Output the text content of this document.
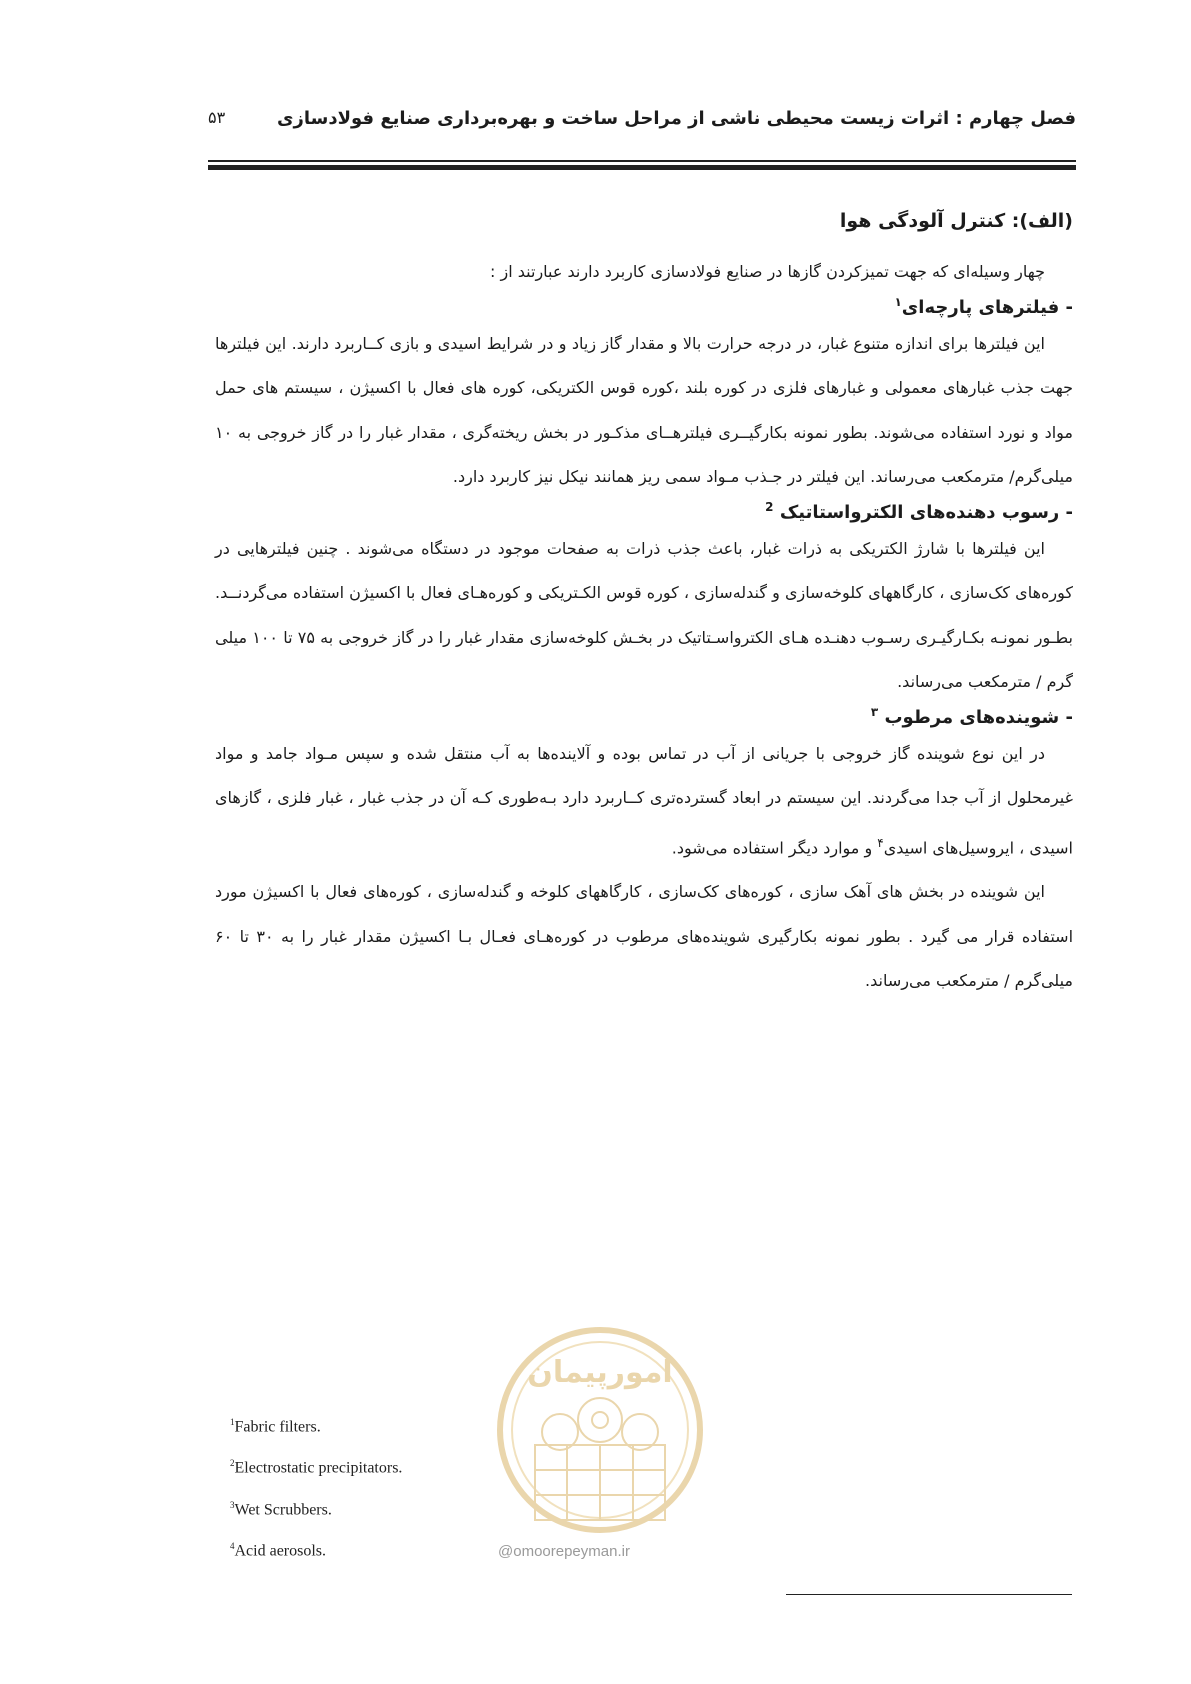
فصل چهارم : اثرات زیست محیطی ناشی از مراحل ساخت و بهره‌برداری صنایع فولادسازی
۵۳
(الف): کنترل آلودگی هوا

چهار وسیله‌ای که جهت تمیزکردن گازها در صنایع فولادسازی کاربرد دارند عبارتند از :

- فیلترهای پارچه‌ای$^۱$

این فیلترها برای اندازه متنوع غبار، در درجه حرارت بالا و مقدار گاز زیاد و در شرایط اسیدی و بازی کــاربرد دارند. این فیلترها جهت جذب غبارهای معمولی و غبارهای فلزی در کوره بلند ،کوره قوس الکتریکی، کوره های فعال با اکسیژن ، سیستم های حمل مواد و نورد استفاده می‌شوند. بطور نمونه بکارگیــری فیلترهــای مذکـور در بخش ریخته‌گری ، مقدار غبار را در گاز خروجی به ۱۰ میلی‌گرم/ مترمکعب می‌رساند. این فیلتر در جـذب مـواد سمی ریز همانند نیکل نیز کاربرد دارد.

- رسوب دهنده‌های الکترواستاتیک $^2$

این فیلترها با شارژ الکتریکی به ذرات غبار، باعث جذب ذرات به صفحات موجود در دستگاه می‌شوند . چنین فیلترهایی در کوره‌های کک‌سازی ، کارگاههای کلوخه‌سازی و گندله‌سازی ، کوره قوس الکـتریکی و کوره‌هـای فعال با اکسیژن استفاده می‌گردنــد. بطـور نمونـه بکـارگیـری رسـوب دهنـده هـای الکترواسـتاتیک در بخـش کلوخه‌سازی مقدار غبار را در گاز خروجی به ۷۵ تا ۱۰۰ میلی گرم / مترمکعب می‌رساند.

- شوینده‌های مرطوب $^۳$

در این نوع شوینده گاز خروجی با جریانی از آب در تماس بوده و آلاینده‌ها به آب منتقل شده و سپس مـواد جامد و مواد غیرمحلول از آب جدا می‌گردند. این سیستم در ابعاد گسترده‌تری کــاربرد دارد بـه‌طوری کـه آن در جذب غبار ، غبار فلزی ، گازهای اسیدی ، ایروسیل‌های اسیدی$^۴$ و موارد دیگر استفاده می‌شود.

این شوینده در بخش های آهک سازی ، کوره‌های کک‌سازی ، کارگاههای کلوخه و گندله‌سازی ، کوره‌های فعال با اکسیژن مورد استفاده قرار می گیرد . بطور نمونه بکارگیری شوینده‌های مرطوب در کوره‌هـای فعـال بـا اکسیژن مقدار غبار را به ۳۰ تا ۶۰ میلی‌گرم / مترمکعب می‌رساند.

$^1$Fabric filters.
$^2$Electrostatic precipitators.
$^3$Wet Scrubbers.
$^4$Acid aerosols.
امورپیمان
@omoorepeyman.ir
